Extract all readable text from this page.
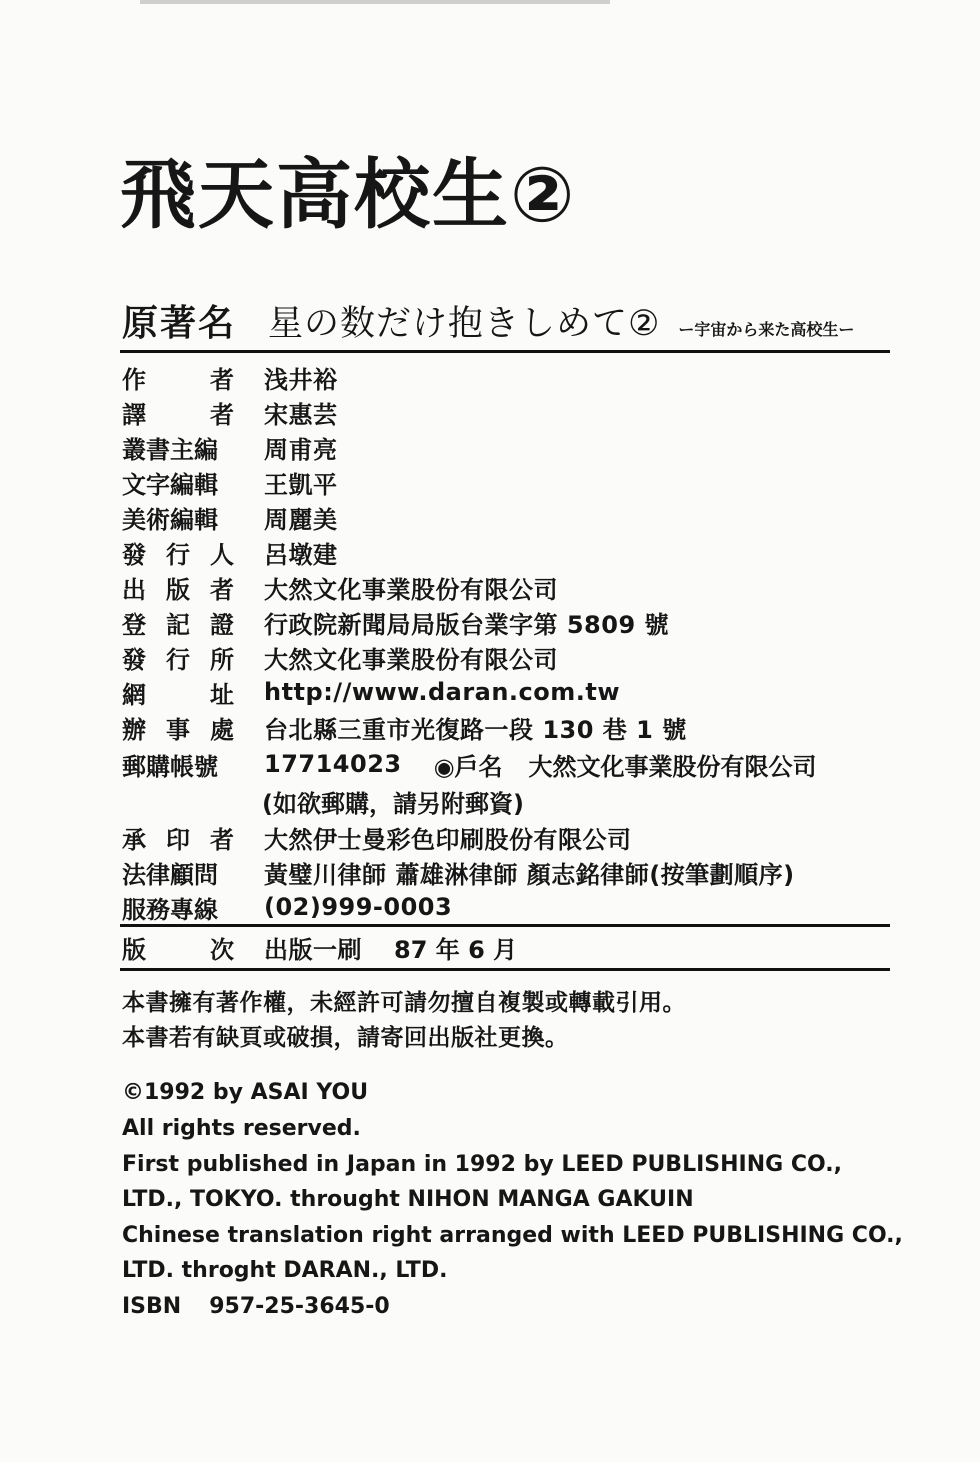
飛天高校生②
原著名 星の数だけ抱きしめて② ー宇宙から来た高校生ー
作	者 浅井裕
譯	者 宋惠芸
叢書主編 周甫亮
文字編輯 王凱平
美術編輯 周麗美
發 行 人 呂墩建
出 版 者 大然文化事業股份有限公司
登 記 證 行政院新聞局局版台業字第 5809 號
發 行 所 大然文化事業股份有限公司
網	址 http://www.daran.com.tw
辦 事 處 台北縣三重市光復路一段 130 巷 1 號
郵購帳號 17714023 ◉戶名 大然文化事業股份有限公司
(如欲郵購，請另附郵資)
承 印 者 大然伊士曼彩色印刷股份有限公司
法律顧問 黃璧川律師 蕭雄淋律師 顏志銘律師(按筆劃順序)
服務專線 (02)999-0003
版	次 出版一刷 87 年 6 月
本書擁有著作權，未經許可請勿擅自複製或轉載引用。
本書若有缺頁或破損，請寄回出版社更換。
©1992 by ASAI YOU
All rights reserved.
First published in Japan in 1992 by LEED PUBLISHING CO.,
LTD., TOKYO. throught NIHON MANGA GAKUIN
Chinese translation right arranged with LEED PUBLISHING CO.,
LTD. throght DARAN., LTD.
ISBN 957-25-3645-0
